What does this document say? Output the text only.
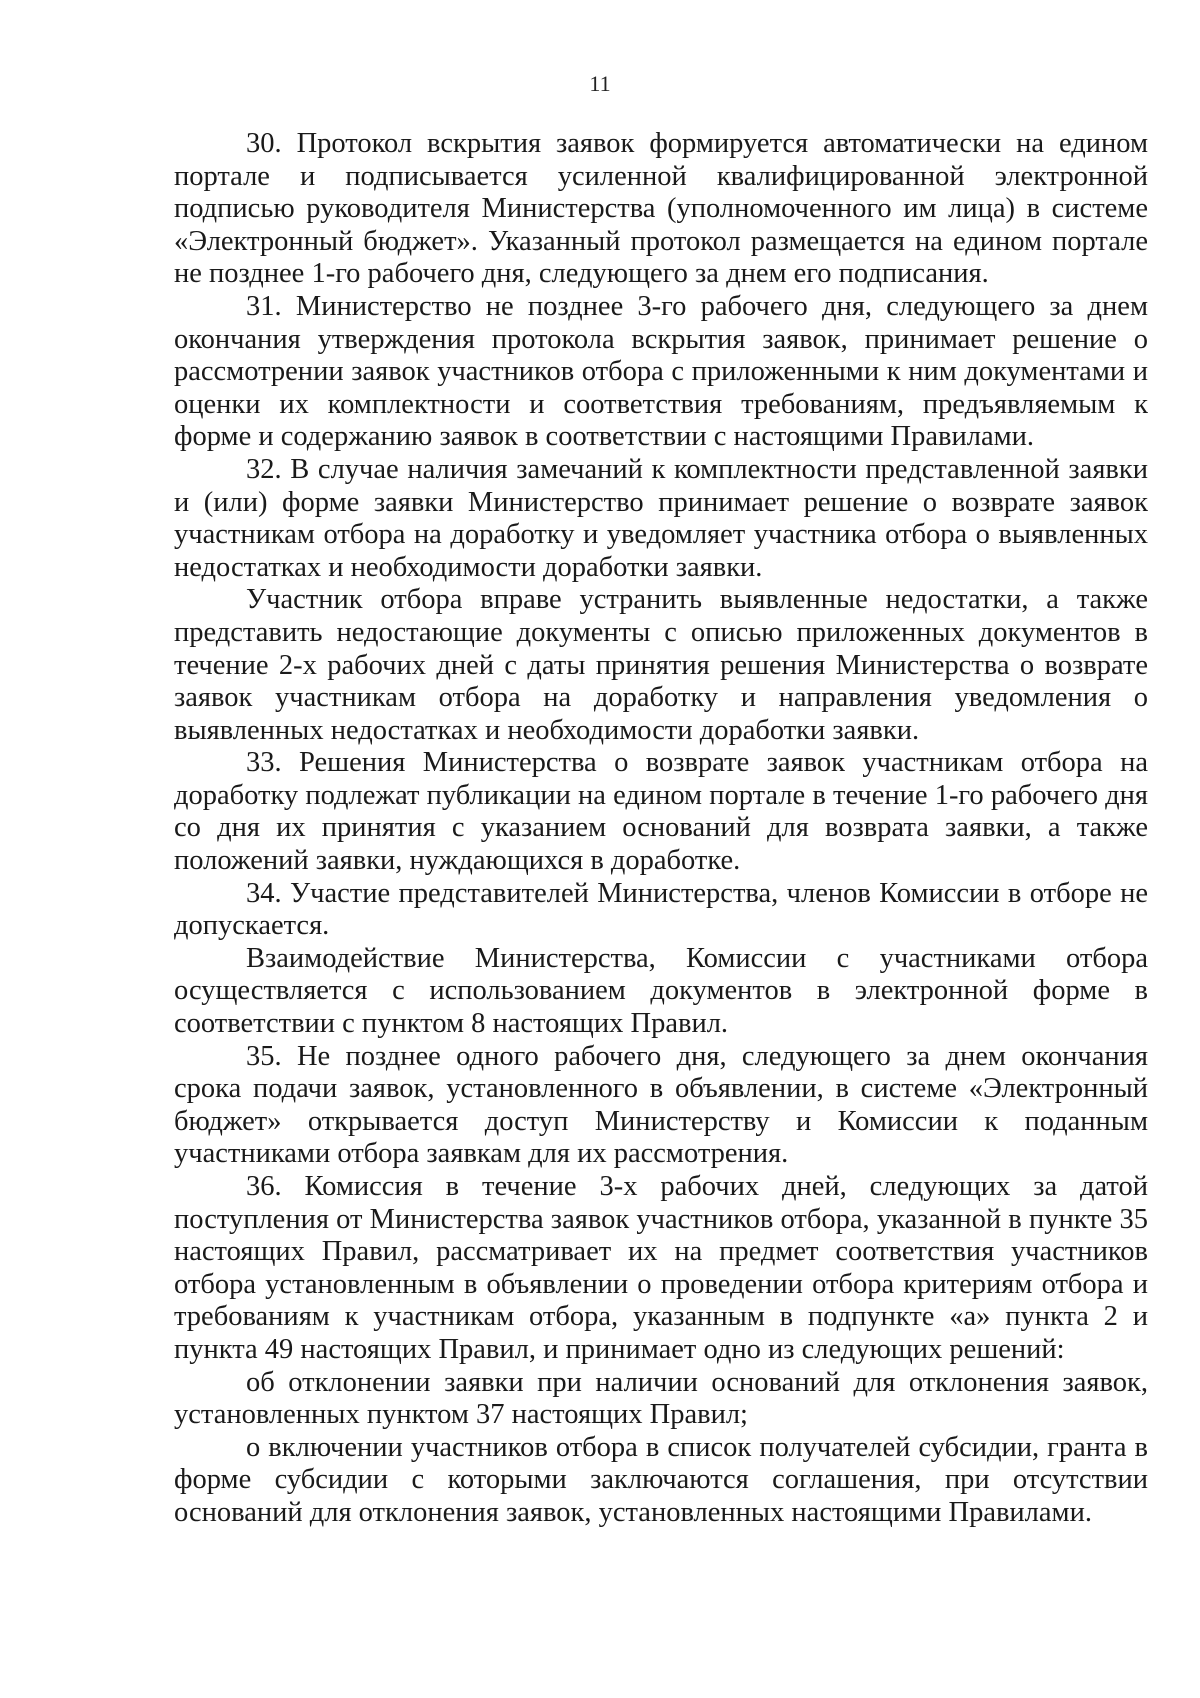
11

30. Протокол вскрытия заявок формируется автоматически на едином портале и подписывается усиленной квалифицированной электронной подписью руководителя Министерства (уполномоченного им лица) в системе «Электронный бюджет». Указанный протокол размещается на едином портале не позднее 1-го рабочего дня, следующего за днем его подписания.

31. Министерство не позднее 3-го рабочего дня, следующего за днем окончания утверждения протокола вскрытия заявок, принимает решение о рассмотрении заявок участников отбора с приложенными к ним документами и оценки их комплектности и соответствия требованиям, предъявляемым к форме и содержанию заявок в соответствии с настоящими Правилами.

32. В случае наличия замечаний к комплектности представленной заявки и (или) форме заявки Министерство принимает решение о возврате заявок участникам отбора на доработку и уведомляет участника отбора о выявленных недостатках и необходимости доработки заявки.

Участник отбора вправе устранить выявленные недостатки, а также представить недостающие документы с описью приложенных документов в течение 2-х рабочих дней с даты принятия решения Министерства о возврате заявок участникам отбора на доработку и направления уведомления о выявленных недостатках и необходимости доработки заявки.

33. Решения Министерства о возврате заявок участникам отбора на доработку подлежат публикации на едином портале в течение 1-го рабочего дня со дня их принятия с указанием оснований для возврата заявки, а также положений заявки, нуждающихся в доработке.

34. Участие представителей Министерства, членов Комиссии в отборе не допускается.

Взаимодействие Министерства, Комиссии с участниками отбора осуществляется с использованием документов в электронной форме в соответствии с пунктом 8 настоящих Правил.

35. Не позднее одного рабочего дня, следующего за днем окончания срока подачи заявок, установленного в объявлении, в системе «Электронный бюджет» открывается доступ Министерству и Комиссии к поданным участниками отбора заявкам для их рассмотрения.

36. Комиссия в течение 3-х рабочих дней, следующих за датой поступления от Министерства заявок участников отбора, указанной в пункте 35 настоящих Правил, рассматривает их на предмет соответствия участников отбора установленным в объявлении о проведении отбора критериям отбора и требованиям к участникам отбора, указанным в подпункте «а» пункта 2 и пункта 49 настоящих Правил, и принимает одно из следующих решений:

об отклонении заявки при наличии оснований для отклонения заявок, установленных пунктом 37 настоящих Правил;

о включении участников отбора в список получателей субсидии, гранта в форме субсидии с которыми заключаются соглашения, при отсутствии оснований для отклонения заявок, установленных настоящими Правилами.
